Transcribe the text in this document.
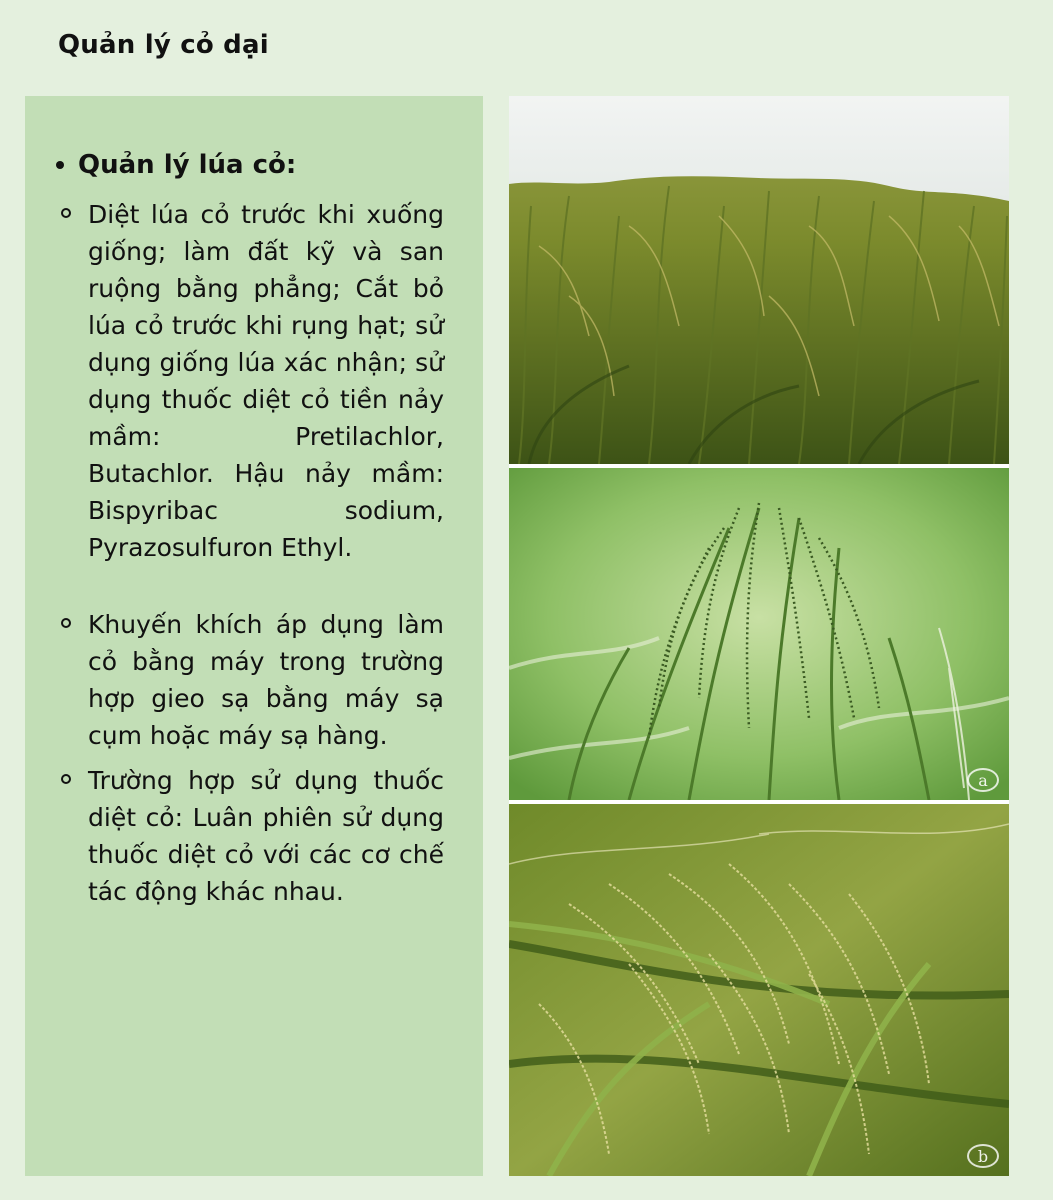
Quản lý cỏ dại
Quản lý lúa cỏ:
Diệt lúa cỏ trước khi xuống giống; làm đất kỹ và san ruộng bằng phẳng; Cắt bỏ lúa cỏ trước khi rụng hạt; sử dụng giống lúa xác nhận; sử dụng thuốc diệt cỏ tiền nảy mầm: Pretilachlor, Butachlor. Hậu nảy mầm: Bispyribac sodium, Pyrazosulfuron Ethyl.
Khuyến khích áp dụng làm cỏ bằng máy trong trường hợp gieo sạ bằng máy sạ cụm hoặc máy sạ hàng.
Trường hợp sử dụng thuốc diệt cỏ: Luân phiên sử dụng thuốc diệt cỏ với các cơ chế tác động khác nhau.
a
b
